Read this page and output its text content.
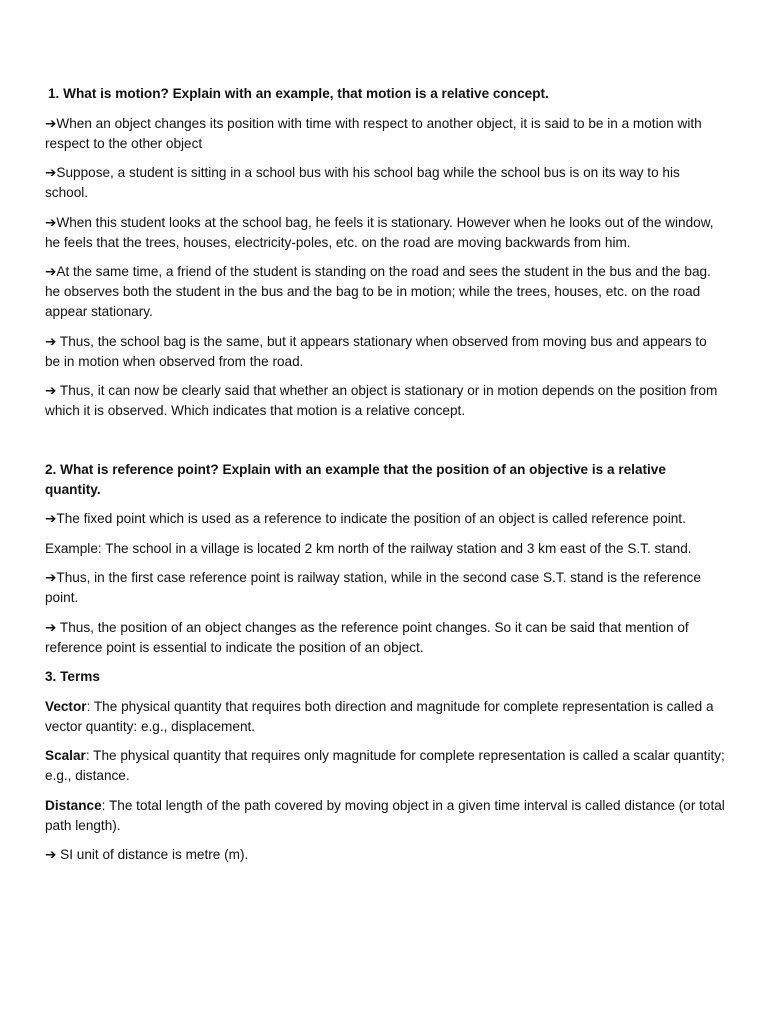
1. What is motion? Explain with an example, that motion is a relative concept.

➔When an object changes its position with time with respect to another object, it is said to be in a motion with respect to the other object

➔Suppose, a student is sitting in a school bus with his school bag while the school bus is on its way to his school.

➔When this student looks at the school bag, he feels it is stationary. However when he looks out of the window, he feels that the trees, houses, electricity-poles, etc. on the road are moving backwards from him.

➔At the same time, a friend of the student is standing on the road and sees the student in the bus and the bag. he observes both the student in the bus and the bag to be in motion; while the trees, houses, etc. on the road appear stationary.

➔ Thus, the school bag is the same, but it appears stationary when observed from moving bus and appears to be in motion when observed from the road.

➔ Thus, it can now be clearly said that whether an object is stationary or in motion depends on the position from which it is observed. Which indicates that motion is a relative concept.

2. What is reference point? Explain with an example that the position of an objective is a relative quantity.

➔The fixed point which is used as a reference to indicate the position of an object is called reference point.

Example: The school in a village is located 2 km north of the railway station and 3 km east of the S.T. stand.

➔Thus, in the first case reference point is railway station, while in the second case S.T. stand is the reference point.

➔ Thus, the position of an object changes as the reference point changes. So it can be said that mention of reference point is essential to indicate the position of an object.

3. Terms

Vector: The physical quantity that requires both direction and magnitude for complete representation is called a vector quantity: e.g., displacement.

Scalar: The physical quantity that requires only magnitude for complete representation is called a scalar quantity; e.g., distance.

Distance: The total length of the path covered by moving object in a given time interval is called distance (or total path length).

➔ SI unit of distance is metre (m).
